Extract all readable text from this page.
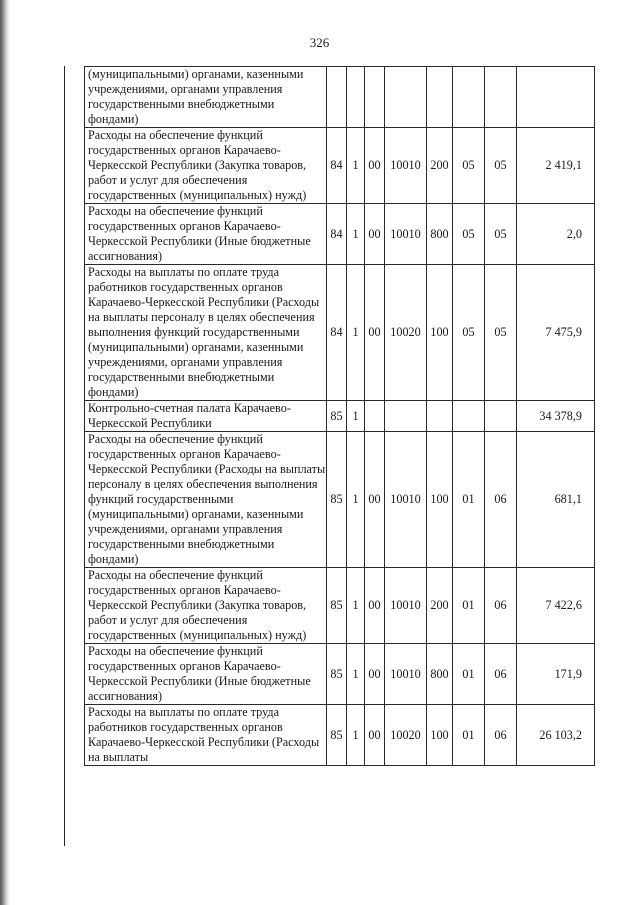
326
(муниципальными) органами, казенными учреждениями, органами управления государственными внебюджетными фондами)								
Расходы на обеспечение функций государственных органов Карачаево-Черкесской Республики (Закупка товаров, работ и услуг для обеспечения государственных (муниципальных) нужд)	84	1	00	10010	200	05	05	2 419,1
Расходы на обеспечение функций государственных органов Карачаево-Черкесской Республики (Иные бюджетные ассигнования)	84	1	00	10010	800	05	05	2,0
Расходы на выплаты по оплате труда работников государственных органов Карачаево-Черкесской Республики (Расходы на выплаты персоналу в целях обеспечения выполнения функций государственными (муниципальными) органами, казенными учреждениями, органами управления государственными внебюджетными фондами)	84	1	00	10020	100	05	05	7 475,9
Контрольно-счетная палата Карачаево-Черкесской Республики	85	1						34 378,9
Расходы на обеспечение функций государственных органов Карачаево-Черкесской Республики (Расходы на выплаты персоналу в целях обеспечения выполнения функций государственными (муниципальными) органами, казенными учреждениями, органами управления государственными внебюджетными фондами)	85	1	00	10010	100	01	06	681,1
Расходы на обеспечение функций государственных органов Карачаево-Черкесской Республики (Закупка товаров, работ и услуг для обеспечения государственных (муниципальных) нужд)	85	1	00	10010	200	01	06	7 422,6
Расходы на обеспечение функций государственных органов Карачаево-Черкесской Республики (Иные бюджетные ассигнования)	85	1	00	10010	800	01	06	171,9
Расходы на выплаты по оплате труда работников государственных органов Карачаево-Черкесской Республики (Расходы на выплаты	85	1	00	10020	100	01	06	26 103,2
